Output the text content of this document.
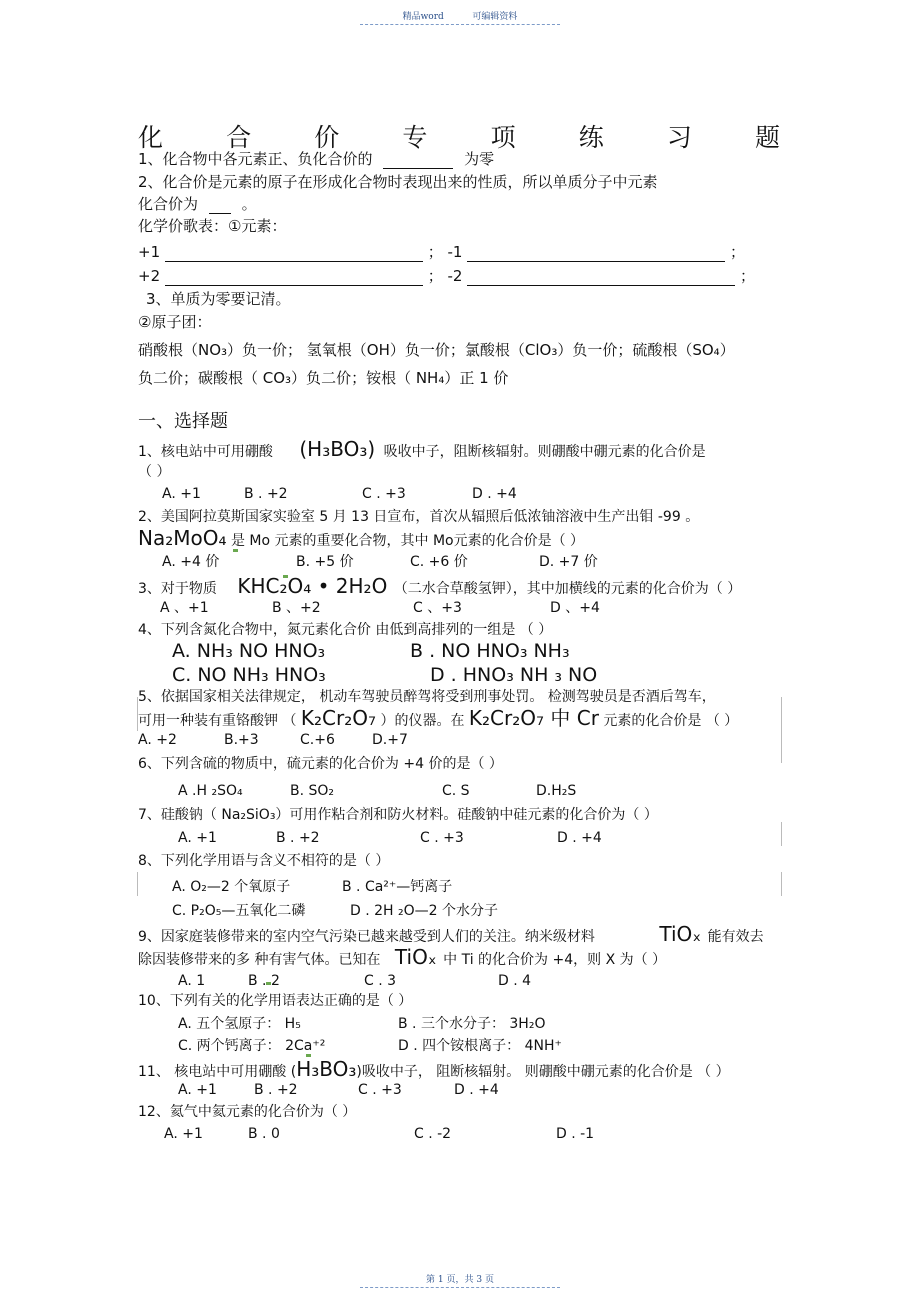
精品word	可编辑资料
化	合	价	专	项	练	习	题
1、化合物中各元素正、负化合价的	为零
2、化合价是元素的原子在形成化合物时表现出来的性质，所以单质分子中元素
化合价为	。
化学价歌表：①元素：
+1	； -1	；
+2	； -2	；
3、单质为零要记清。
②原子团：
硝酸根（NO₃）负一价； 氢氧根（OH）负一价；氯酸根（ClO₃）负一价；硫酸根（SO₄）
负二价；碳酸根（ CO₃）负二价；铵根（ NH₄）正 1 价
一、选择题
1、核电站中可用硼酸 (H₃BO₃) 吸收中子，阻断核辐射。则硼酸中硼元素的化合价是
（ ）
A. +1	B . +2	C . +3	D . +4
2、美国阿拉莫斯国家实验室 5 月 13 日宣布，首次从辐照后低浓铀溶液中生产出钼 -99 。
Na₂MoO₄ 是 Mo 元素的重要化合物，其中 Mo元素的化合价是（ ）
A. +4 价	B. +5 价	C. +6 价	D. +7 价
3、对于物质 KHC₂O₄ • 2H₂O （二水合草酸氢钾），其中加横线的元素的化合价为（ ）
A 、+1	B 、+2	C 、+3	D 、+4
4、下列含氮化合物中，氮元素化合价 由低到高排列的一组是 （ ）
A. NH₃ NO HNO₃	B . NO HNO₃ NH₃
C. NO NH₃ HNO₃	D . HNO₃ NH ₃ NO
5、依据国家相关法律规定， 机动车驾驶员醉驾将受到刑事处罚。 检测驾驶员是否酒后驾车，
可用一种装有重铬酸钾 （ K₂Cr₂O₇ ）的仪器。在 K₂Cr₂O₇ 中 Cr 元素的化合价是 （ ）
A. +2	B.+3	C.+6	D.+7
6、下列含硫的物质中，硫元素的化合价为 +4 价的是（ ）
A .H ₂SO₄	B. SO₂	C. S	D.H₂S
7、硅酸钠（ Na₂SiO₃）可用作粘合剂和防火材料。硅酸钠中硅元素的化合价为（ ）
A. +1	B . +2	C . +3	D . +4
8、下列化学用语与含义不相符的是（ ）
A. O₂—2 个氧原子	B . Ca²⁺—钙离子
C. P₂O₅—五氧化二磷	D . 2H ₂O—2 个水分子
9、因家庭装修带来的室内空气污染已越来越受到人们的关注。纳米级材料	TiOₓ 能有效去
除因装修带来的多 种有害气体。已知在 TiOₓ 中 Ti 的化合价为 +4，则 X 为（ ）
A. 1	B . 2	C . 3	D . 4
10、下列有关的化学用语表达正确的是（ ）
A. 五个氢原子： H₅	B . 三个水分子： 3H₂O
C. 两个钙离子： 2Ca⁺²	D . 四个铵根离子： 4NH⁺
11、 核电站中可用硼酸 (H₃BO₃)吸收中子， 阻断核辐射。 则硼酸中硼元素的化合价是 （ ）
A. +1	B . +2	C . +3	D . +4
12、氦气中氦元素的化合价为（ ）
A. +1	B . 0	C . -2	D . -1
第 1 页，共 3 页
